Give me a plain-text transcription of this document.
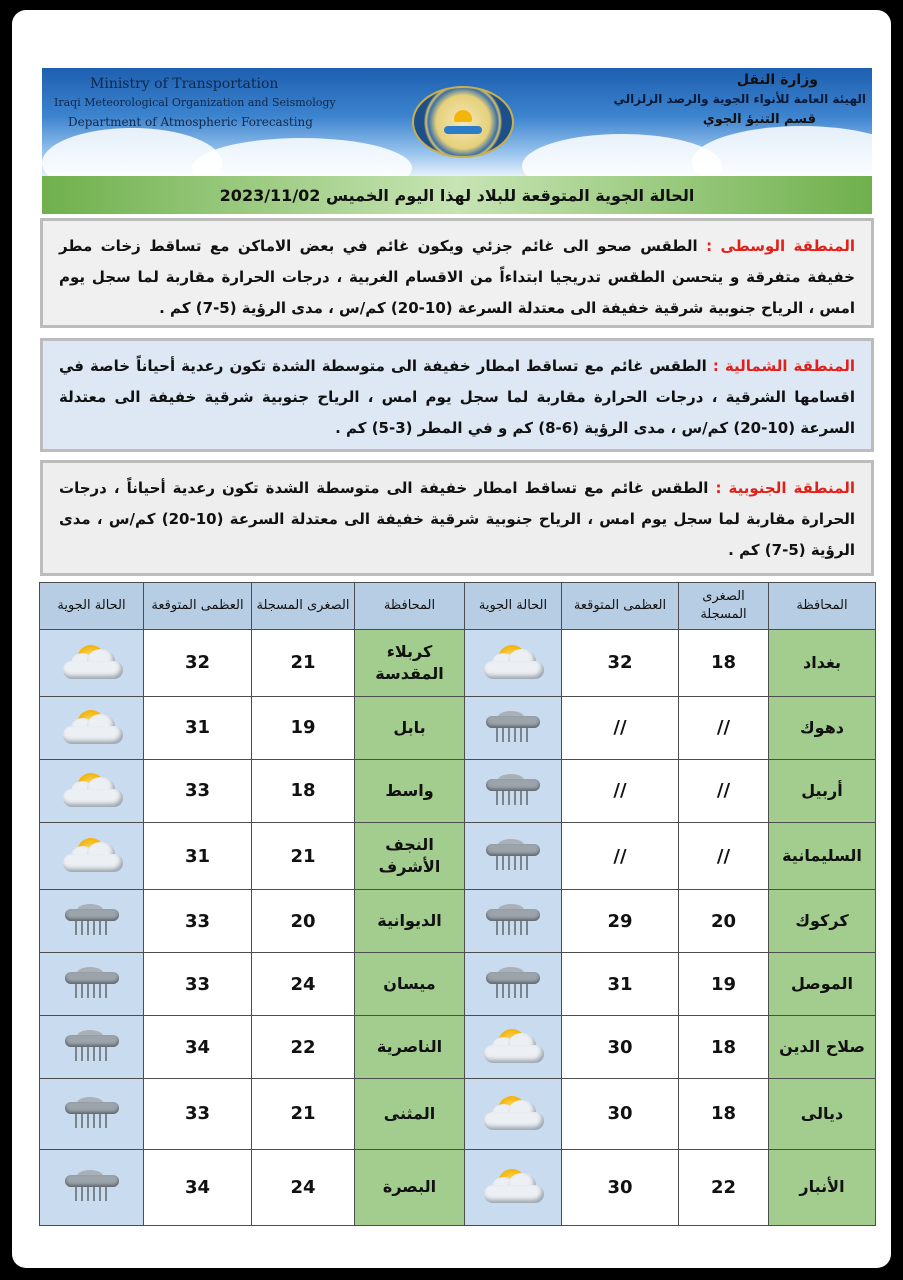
Ministry of Transportation
Iraqi Meteorological Organization and Seismology
Department of Atmospheric Forecasting
وزارة النقل
الهيئة العامة للأنواء الجوية والرصد الزلزالي
قسم التنبؤ الجوي
الحالة الجوية المتوقعة للبلاد لهذا اليوم الخميس 2023/11/02
المنطقة الوسطى : الطقس صحو الى غائم جزئي ويكون غائم في بعض الاماكن مع تساقط زخات مطر خفيفة متفرقة و يتحسن الطقس تدريجيا ابتداءاً من الاقسام الغربية ، درجات الحرارة مقاربة لما سجل يوم امس ، الرياح جنوبية شرقية خفيفة الى معتدلة السرعة (10-20) كم/س ، مدى الرؤية (5-7) كم .
المنطقة الشمالية : الطقس غائم مع تساقط امطار خفيفة الى متوسطة الشدة تكون رعدية أحياناً خاصة في اقسامها الشرقية ، درجات الحرارة مقاربة لما سجل يوم امس ، الرياح جنوبية شرقية خفيفة الى معتدلة السرعة (10-20) كم/س ، مدى الرؤية (6-8) كم و في المطر (3-5) كم .
المنطقة الجنوبية : الطقس غائم مع تساقط امطار خفيفة الى متوسطة الشدة تكون رعدية أحياناً ، درجات الحرارة مقاربة لما سجل يوم امس ، الرياح جنوبية شرقية خفيفة الى معتدلة السرعة (10-20) كم/س ، مدى الرؤية (5-7) كم .
المحافظة	الصغرى المسجلة	العظمى المتوقعة	الحالة الجوية	المحافظة	الصغرى المسجلة	العظمى المتوقعة	الحالة الجوية
بغداد	18	32		كربلاء المقدسة	21	32	

دهوك	//	//		بابل	19	31	

أربيل	//	//		واسط	18	33	

السليمانية	//	//		النجف الأشرف	21	31	

كركوك	20	29		الديوانية	20	33	

الموصل	19	31		ميسان	24	33	

صلاح الدين	18	30		الناصرية	22	34	

ديالى	18	30		المثنى	21	33	

الأنبار	22	30		البصرة	24	34	
